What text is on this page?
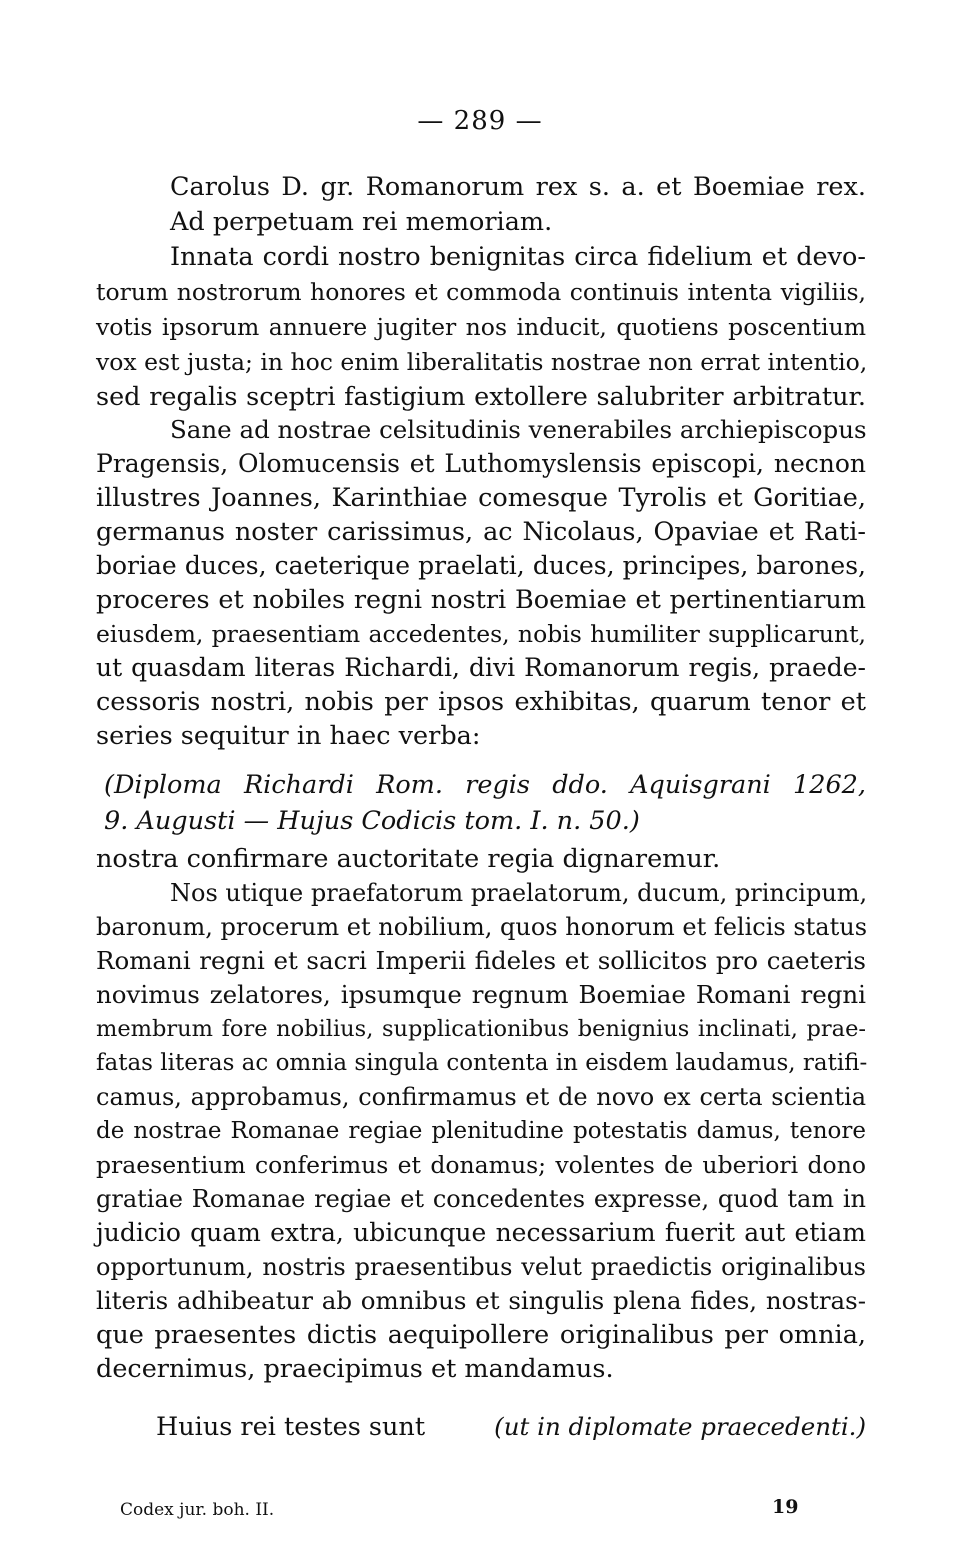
— 289 —
Carolus D. gr. Romanorum rex s. a. et Boemiae rex.
Ad perpetuam rei memoriam.
Innata cordi nostro benignitas circa fidelium et devo-
torum nostrorum honores et commoda continuis intenta vigiliis,
votis ipsorum annuere jugiter nos inducit, quotiens poscentium
vox est justa; in hoc enim liberalitatis nostrae non errat intentio,
sed regalis sceptri fastigium extollere salubriter arbitratur.
Sane ad nostrae celsitudinis venerabiles archiepiscopus
Pragensis, Olomucensis et Luthomyslensis episcopi, necnon
illustres Joannes, Karinthiae comesque Tyrolis et Goritiae,
germanus noster carissimus, ac Nicolaus, Opaviae et Rati-
boriae duces, caeterique praelati, duces, principes, barones,
proceres et nobiles regni nostri Boemiae et pertinentiarum
eiusdem, praesentiam accedentes, nobis humiliter supplicarunt,
ut quasdam literas Richardi, divi Romanorum regis, praede-
cessoris nostri, nobis per ipsos exhibitas, quarum tenor et
series sequitur in haec verba:
(Diploma Richardi Rom. regis ddo. Aquisgrani 1262,
9. Augusti — Hujus Codicis tom. I. n. 50.)
nostra confirmare auctoritate regia dignaremur.
Nos utique praefatorum praelatorum, ducum, principum,
baronum, procerum et nobilium, quos honorum et felicis status
Romani regni et sacri Imperii fideles et sollicitos pro caeteris
novimus zelatores, ipsumque regnum Boemiae Romani regni
membrum fore nobilius, supplicationibus benignius inclinati, prae-
fatas literas ac omnia singula contenta in eisdem laudamus, ratifi-
camus, approbamus, confirmamus et de novo ex certa scientia
de nostrae Romanae regiae plenitudine potestatis damus, tenore
praesentium conferimus et donamus; volentes de uberiori dono
gratiae Romanae regiae et concedentes expresse, quod tam in
judicio quam extra, ubicunque necessarium fuerit aut etiam
opportunum, nostris praesentibus velut praedictis originalibus
literis adhibeatur ab omnibus et singulis plena fides, nostras-
que praesentes dictis aequipollere originalibus per omnia,
decernimus, praecipimus et mandamus.
Huius rei testes sunt	(ut in diplomate praecedenti.)
Codex jur. boh. II.	19
